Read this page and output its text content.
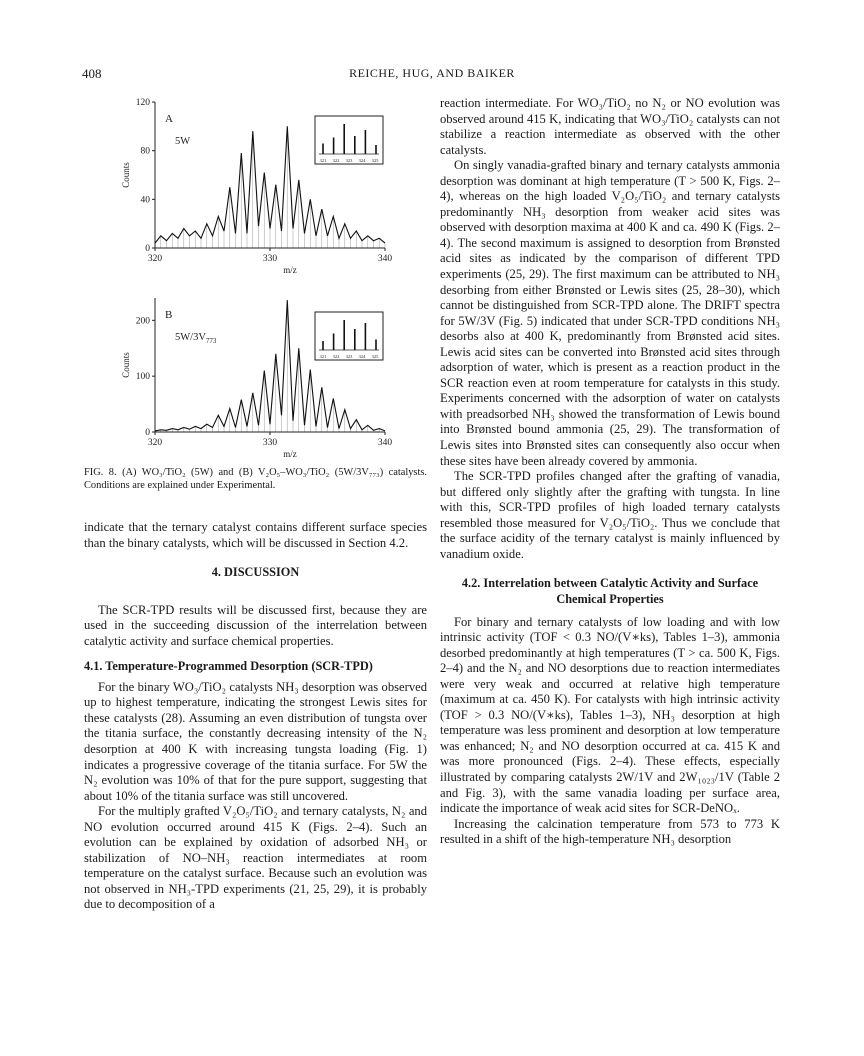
408	REICHE, HUG, AND BAIKER
0
40
80
120
320	330	340
m/z
Counts
A
5W
321 322 323 324 325
0
100
200
320	330	340
m/z
Counts
B
$5W/3V_{773}$
321 322 323 324 325
FIG. 8. (A) WO₃/TiO₂ (5W) and (B) V₂O₅–WO₃/TiO₂ (5W/3V₇₇₃) catalysts. Conditions are explained under Experimental.

indicate that the ternary catalyst contains different surface species than the binary catalysts, which will be discussed in Section 4.2.

4. DISCUSSION

The SCR-TPD results will be discussed first, because they are used in the succeeding discussion of the interrelation between catalytic activity and surface chemical properties.

4.1. Temperature-Programmed Desorption (SCR-TPD)

For the binary WO₃/TiO₂ catalysts NH₃ desorption was observed up to highest temperature, indicating the strongest Lewis sites for these catalysts (28). Assuming an even distribution of tungsta over the titania surface, the constantly decreasing intensity of the N₂ desorption at 400 K with increasing tungsta loading (Fig. 1) indicates a progressive coverage of the titania surface. For 5W the N₂ evolution was 10% of that for the pure support, suggesting that about 10% of the titania surface was still uncovered.

For the multiply grafted V₂O₅/TiO₂ and ternary catalysts, N₂ and NO evolution occurred around 415 K (Figs. 2–4). Such an evolution can be explained by oxidation of adsorbed NH₃ or stabilization of NO–NH₃ reaction intermediates at room temperature on the catalyst surface. Because such an evolution was not observed in NH₃-TPD experiments (21, 25, 29), it is probably due to decomposition of a

reaction intermediate. For WO₃/TiO₂ no N₂ or NO evolution was observed around 415 K, indicating that WO₃/TiO₂ catalysts can not stabilize a reaction intermediate as observed with the other catalysts.

On singly vanadia-grafted binary and ternary catalysts ammonia desorption was dominant at high temperature (T > 500 K, Figs. 2–4), whereas on the high loaded V₂O₅/TiO₂ and ternary catalysts predominantly NH₃ desorption from weaker acid sites was observed with desorption maxima at 400 K and ca. 490 K (Figs. 2–4). The second maximum is assigned to desorption from Brønsted acid sites as indicated by the comparison of different TPD experiments (25, 29). The first maximum can be attributed to NH₃ desorbing from either Brønsted or Lewis sites (25, 28–30), which cannot be distinguished from SCR-TPD alone. The DRIFT spectra for 5W/3V (Fig. 5) indicated that under SCR-TPD conditions NH₃ desorbs also at 400 K, predominantly from Brønsted acid sites. Lewis acid sites can be converted into Brønsted acid sites through adsorption of water, which is present as a reaction product in the SCR reaction even at room temperature for catalysts in this study. Experiments concerned with the adsorption of water on catalysts with preadsorbed NH₃ showed the transformation of Lewis bound into Brønsted bound ammonia (25, 29). The transformation of Lewis sites into Brønsted sites can consequently also occur when these sites have been already covered by ammonia.

The SCR-TPD profiles changed after the grafting of vanadia, but differed only slightly after the grafting with tungsta. In line with this, SCR-TPD profiles of high loaded ternary catalysts resembled those measured for V₂O₅/TiO₂. Thus we conclude that the surface acidity of the ternary catalyst is mainly influenced by vanadium oxide.

4.2. Interrelation between Catalytic Activity and Surface Chemical Properties

For binary and ternary catalysts of low loading and with low intrinsic activity (TOF < 0.3 NO/(V∗ks), Tables 1–3), ammonia desorbed predominantly at high temperatures (T > ca. 500 K, Figs. 2–4) and the N₂ and NO desorptions due to reaction intermediates were very weak and occurred at relative high temperature (maximum at ca. 450 K). For catalysts with high intrinsic activity (TOF > 0.3 NO/(V∗ks), Tables 1–3), NH₃ desorption at high temperature was less prominent and desorption at low temperature was enhanced; N₂ and NO desorption occurred at ca. 415 K and was more pronounced (Figs. 2–4). These effects, especially illustrated by comparing catalysts 2W/1V and 2W₁₀₂₃/1V (Table 2 and Fig. 3), with the same vanadia loading per surface area, indicate the importance of weak acid sites for SCR-DeNOₓ.

Increasing the calcination temperature from 573 to 773 K resulted in a shift of the high-temperature NH₃ desorption
